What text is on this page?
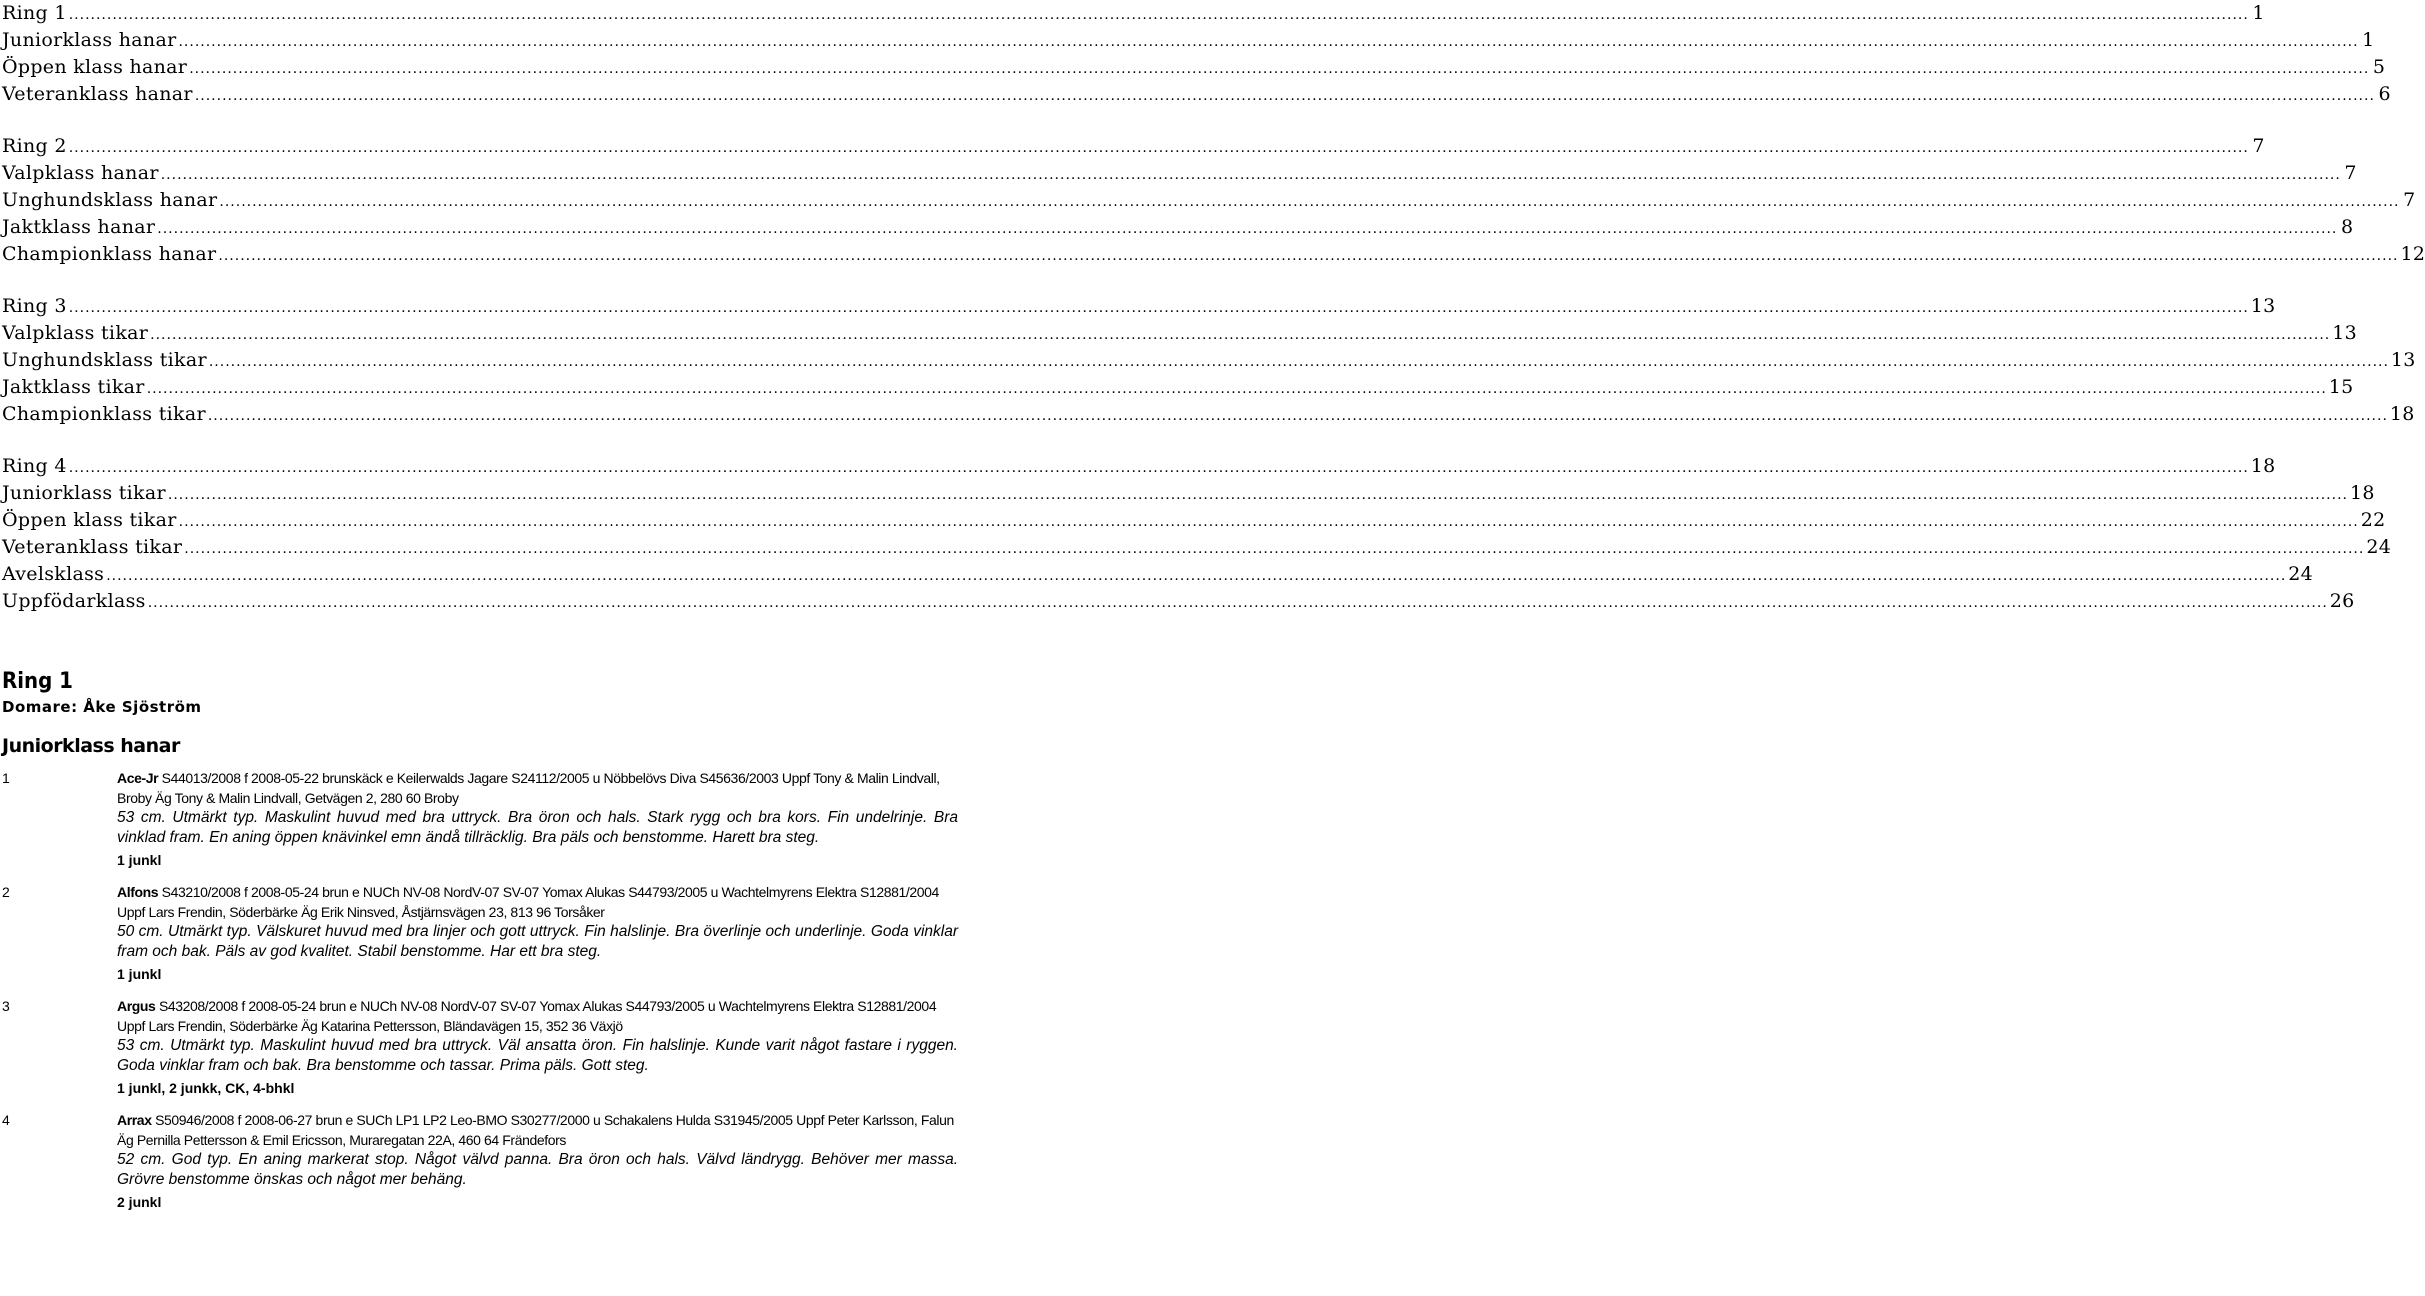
Ring 1 ................................................................................................................................................................................................................................................................................................................................................................................................................ 1
Juniorklass hanar ................................................................................................................................................................................................................................................................................................................................................................................................................ 1
Öppen klass hanar ................................................................................................................................................................................................................................................................................................................................................................................................................ 5
Veteranklass hanar ................................................................................................................................................................................................................................................................................................................................................................................................................ 6
Ring 2 ................................................................................................................................................................................................................................................................................................................................................................................................................ 7
Valpklass hanar ................................................................................................................................................................................................................................................................................................................................................................................................................ 7
Unghundsklass hanar ................................................................................................................................................................................................................................................................................................................................................................................................................ 7
Jaktklass hanar ................................................................................................................................................................................................................................................................................................................................................................................................................ 8
Championklass hanar ................................................................................................................................................................................................................................................................................................................................................................................................................ 12
Ring 3 ................................................................................................................................................................................................................................................................................................................................................................................................................ 13
Valpklass tikar ................................................................................................................................................................................................................................................................................................................................................................................................................ 13
Unghundsklass tikar ................................................................................................................................................................................................................................................................................................................................................................................................................ 13
Jaktklass tikar ................................................................................................................................................................................................................................................................................................................................................................................................................ 15
Championklass tikar ................................................................................................................................................................................................................................................................................................................................................................................................................ 18
Ring 4 ................................................................................................................................................................................................................................................................................................................................................................................................................ 18
Juniorklass tikar ................................................................................................................................................................................................................................................................................................................................................................................................................ 18
Öppen klass tikar ................................................................................................................................................................................................................................................................................................................................................................................................................ 22
Veteranklass tikar ................................................................................................................................................................................................................................................................................................................................................................................................................ 24
Avelsklass ................................................................................................................................................................................................................................................................................................................................................................................................................ 24
Uppfödarklass ................................................................................................................................................................................................................................................................................................................................................................................................................ 26
Ring 1
Domare: Åke Sjöström
Juniorklass hanar
1	Ace-Jr S44013/2008 f 2008-05-22 brunskäck e Keilerwalds Jagare S24112/2005 u Nöbbelövs Diva S45636/2003 Uppf Tony & Malin Lindvall, Broby Äg Tony & Malin Lindvall, Getvägen 2, 280 60 Broby
53 cm. Utmärkt typ. Maskulint huvud med bra uttryck. Bra öron och hals. Stark rygg och bra kors. Fin undelrinje. Bra vinklad fram. En aning öppen knävinkel emn ändå tillräcklig. Bra päls och benstomme. Harett bra steg.
1 junkl
2	Alfons S43210/2008 f 2008-05-24 brun e NUCh NV-08 NordV-07 SV-07 Yomax Alukas S44793/2005 u Wachtelmyrens Elektra S12881/2004 Uppf Lars Frendin, Söderbärke Äg Erik Ninsved, Åstjärnsvägen 23, 813 96 Torsåker
50 cm. Utmärkt typ. Välskuret huvud med bra linjer och gott uttryck. Fin halslinje. Bra överlinje och underlinje. Goda vinklar fram och bak. Päls av god kvalitet. Stabil benstomme. Har ett bra steg.
1 junkl
3	Argus S43208/2008 f 2008-05-24 brun e NUCh NV-08 NordV-07 SV-07 Yomax Alukas S44793/2005 u Wachtelmyrens Elektra S12881/2004 Uppf Lars Frendin, Söderbärke Äg Katarina Pettersson, Bländavägen 15, 352 36 Växjö
53 cm. Utmärkt typ. Maskulint huvud med bra uttryck. Väl ansatta öron. Fin halslinje. Kunde varit något fastare i ryggen. Goda vinklar fram och bak. Bra benstomme och tassar. Prima päls. Gott steg.
1 junkl, 2 junkk, CK, 4-bhkl
4	Arrax S50946/2008 f 2008-06-27 brun e SUCh LP1 LP2 Leo-BMO S30277/2000 u Schakalens Hulda S31945/2005 Uppf Peter Karlsson, Falun Äg Pernilla Pettersson & Emil Ericsson, Muraregatan 22A, 460 64 Frändefors
52 cm. God typ. En aning markerat stop. Något välvd panna. Bra öron och hals. Välvd ländrygg. Behöver mer massa. Grövre benstomme önskas och något mer behäng.
2 junkl
